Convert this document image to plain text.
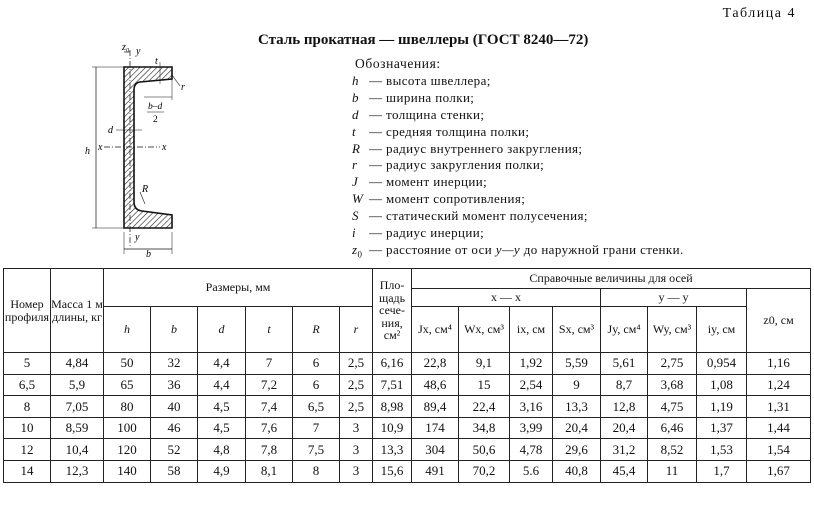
Таблица 4
Сталь прокатная — швеллеры (ГОСТ 8240—72)
z₀ y
t
r
b–d
2
d
x	x
h
R
y
b
Обозначения:
h — высота швеллера;
b — ширина полки;
d — толщина стенки;
t — средняя толщина полки;
R — радиус внутреннего закругления;
r — радиус закругления полки;
J — момент инерции;
W — момент сопротивления;
S — статический момент полусечения;
i — радиус инерции;
$z_0$ — расстояние от оси y—y до наружной грани стенки.
Номер профиля	Масса 1 м длины, кг	Размеры, мм						Площадь сечения, см²	Справочные величины для осей							
									x — x				y — y			z0, см
		h	b	d	t	R	r		Jx, см⁴	Wx, см³	ix, см	Sx, см³	Jy, см⁴	Wy, см³	iy, см	
5	4,84	50	32	4,4	7	6	2,5	6,16	22,8	9,1	1,92	5,59	5,61	2,75	0,954	1,16
6,5	5,9	65	36	4,4	7,2	6	2,5	7,51	48,6	15	2,54	9	8,7	3,68	1,08	1,24
8	7,05	80	40	4,5	7,4	6,5	2,5	8,98	89,4	22,4	3,16	13,3	12,8	4,75	1,19	1,31
10	8,59	100	46	4,5	7,6	7	3	10,9	174	34,8	3,99	20,4	20,4	6,46	1,37	1,44
12	10,4	120	52	4,8	7,8	7,5	3	13,3	304	50,6	4,78	29,6	31,2	8,52	1,53	1,54
14	12,3	140	58	4,9	8,1	8	3	15,6	491	70,2	5.6	40,8	45,4	11	1,7	1,67
